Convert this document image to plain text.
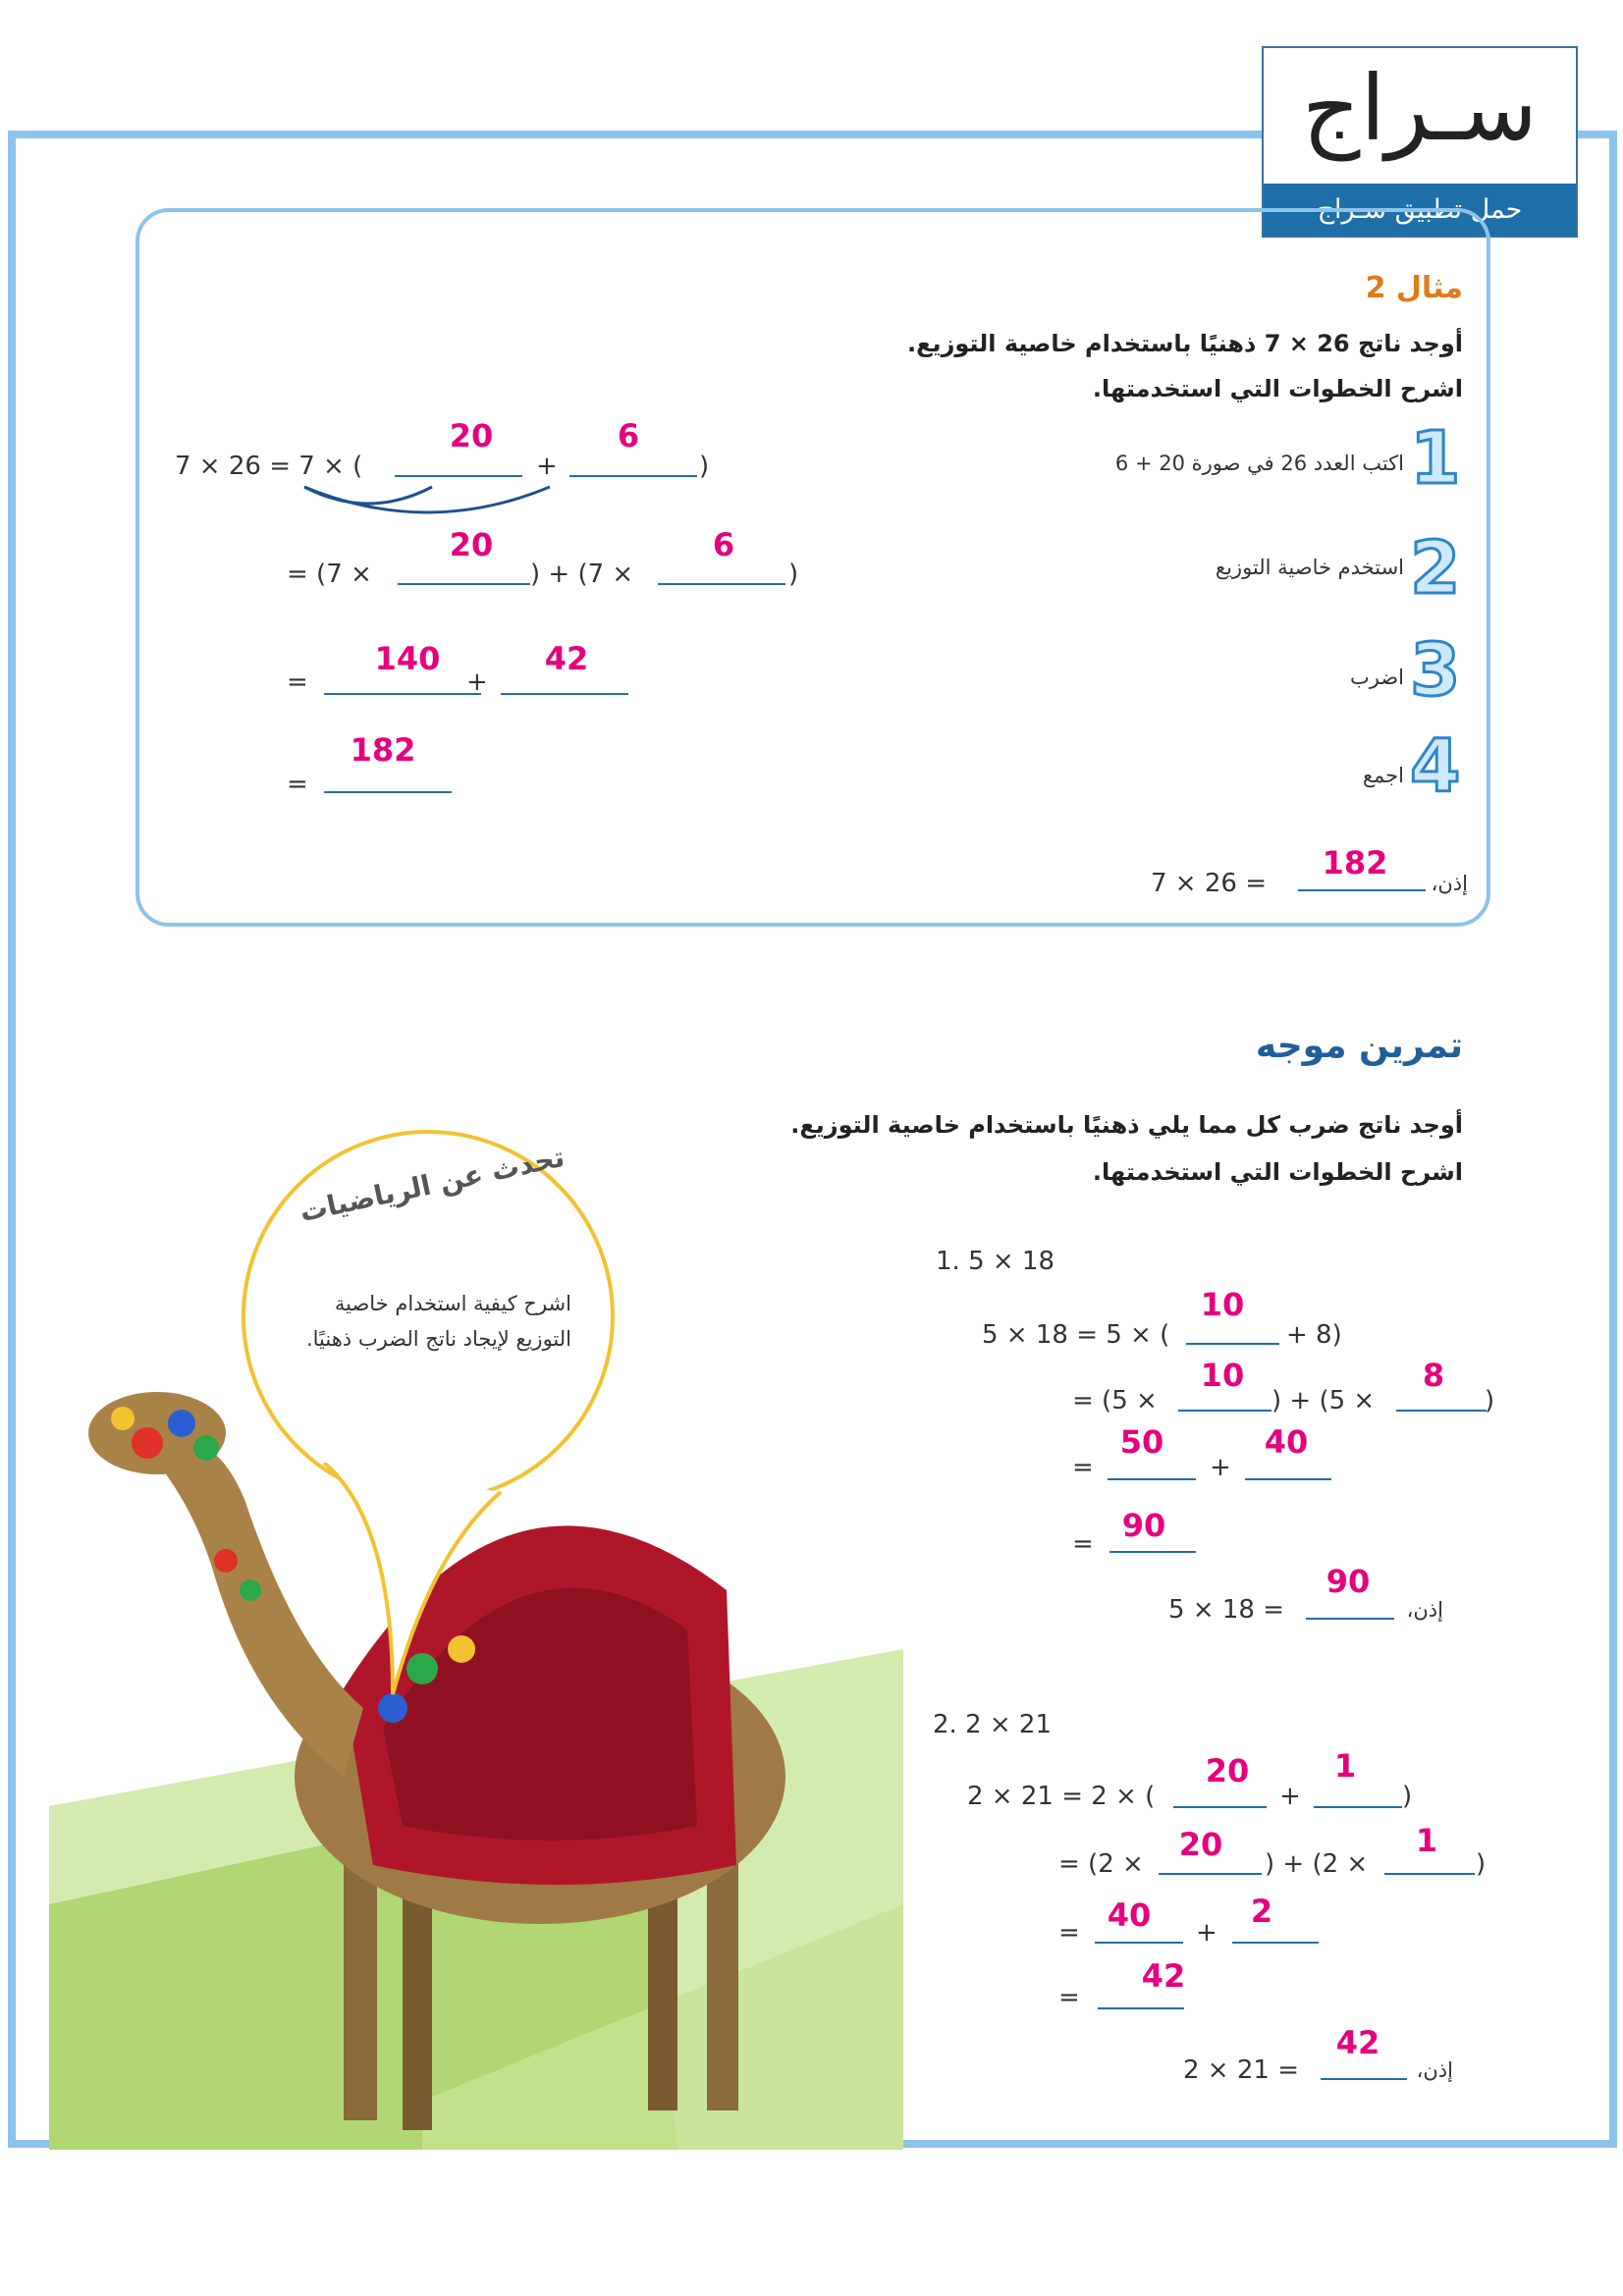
سـراج
حمل تطبيق سـراج
مثال 2
أوجد ناتج 26 × 7 ذهنيًا باستخدام خاصية التوزيع.
اشرح الخطوات التي استخدمتها.
1
اكتب العدد 26 في صورة 20 + 6
2
استخدم خاصية التوزيع
3
اضرب
4
اجمع
7 × 26 = 7 × (
20
+
6
)
= (7 ×
20
) + (7 ×
6
)
=
140
+
42
=
182
7 × 26 =
182
إذن،
تمرين موجه
أوجد ناتج ضرب كل مما يلي ذهنيًا باستخدام خاصية التوزيع.
اشرح الخطوات التي استخدمتها.
1. 5 × 18
5 × 18 = 5 × (
10
+ 8)
= (5 ×
10
) + (5 ×
8
)
=
50
+
40
= 90
5 × 18 =
90
إذن،
2. 2 × 21
2 × 21 = 2 × (
20
+
1
)
= (2 ×
20
) + (2 ×
1
)
= 40	+
2
=
42
2 × 21 =
42
إذن،
تحدث عن الرياضيات
اشرح كيفية استخدام خاصية التوزيع لإيجاد ناتج الضرب ذهنيًا.
